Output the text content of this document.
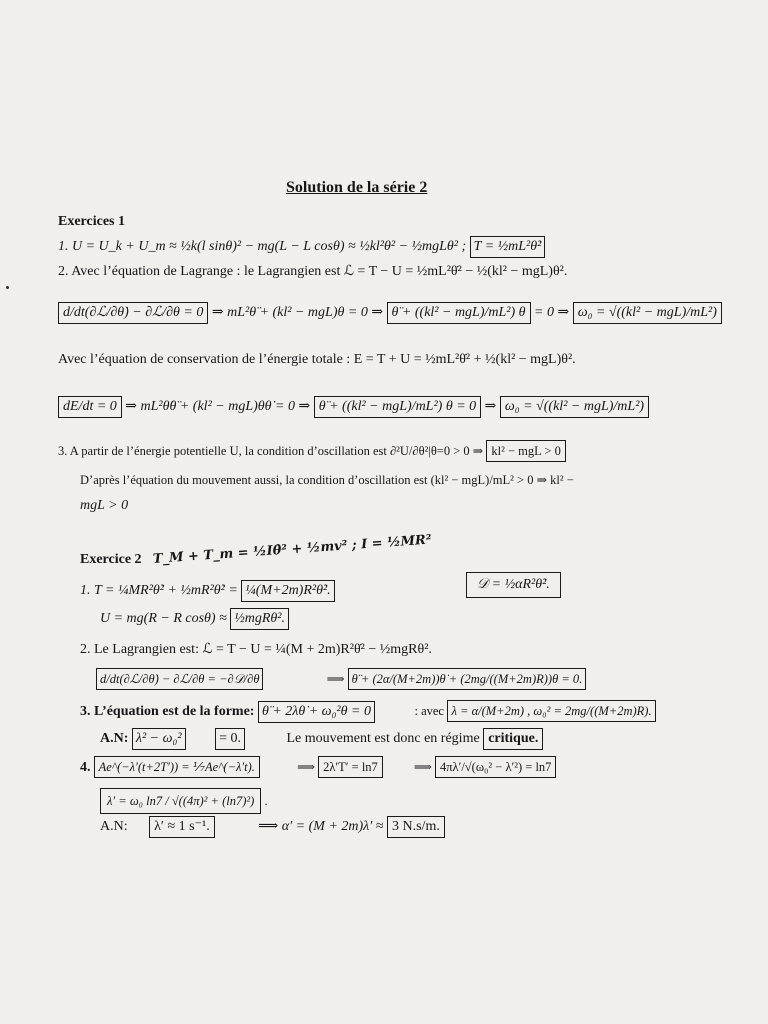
Solution de la série 2
Exercices 1
1. U = U_k + U_m ≈ ½k(l sinθ)² − mg(L − L cosθ) ≈ ½kl²θ² − ½mgLθ² ; T = ½mL²θ̇²
2. Avec l’équation de Lagrange : le Lagrangien est ℒ = T − U = ½mL²θ̇² − ½(kl² − mgL)θ².
d/dt(∂ℒ/∂θ̇) − ∂ℒ/∂θ = 0 ⇒ mL²θ̈ + (kl² − mgL)θ = 0 ⇒ θ̈ + ((kl² − mgL)/mL²) θ = 0 ⇒ ω₀ = √((kl² − mgL)/mL²)
Avec l’équation de conservation de l’énergie totale : E = T + U = ½mL²θ̇² + ½(kl² − mgL)θ².
dE/dt = 0 ⇒ mL²θ̇θ̈ + (kl² − mgL)θθ̇ = 0 ⇒ θ̈ + ((kl² − mgL)/mL²) θ = 0 ⇒ ω₀ = √((kl² − mgL)/mL²)
3. A partir de l’énergie potentielle U, la condition d’oscillation est ∂²U/∂θ²|θ=0 > 0 ⇒ kl² − mgL > 0
D’après l’équation du mouvement aussi, la condition d’oscillation est (kl² − mgL)/mL² > 0 ⇒ kl² −
mgL > 0
Exercice 2 T_M + T_m = ½Iθ̇² + ½mv² ; I = ½MR²
1. T = ¼MR²θ̇² + ½mR²θ̇² = ¼(M+2m)R²θ̇².	𝒟 = ½αR²θ̇².
U = mg(R − R cosθ) ≈ ½mgRθ².
2. Le Lagrangien est: ℒ = T − U = ¼(M + 2m)R²θ̇² − ½mgRθ².
d/dt(∂ℒ/∂θ̇) − ∂ℒ/∂θ = −∂𝒟/∂θ̇	⟹ θ̈ + (2α/(M+2m))θ̇ + (2mg/((M+2m)R))θ = 0.
3. L’équation est de la forme: θ̈ + 2λθ̇ + ω₀²θ = 0	: avec λ = α/(M+2m) , ω₀² = 2mg/((M+2m)R).
A.N: λ² − ω₀²	= 0.	Le mouvement est donc en régime critique.
4. Ae^(−λ′(t+2T′)) = ⅐Ae^(−λ′t).	⟹ 2λ′T′ = ln7	⟹ 4πλ′/√(ω₀² − λ′²) = ln7
λ′ = ω₀ ln7 / √((4π)² + (ln7)²) .
A.N: λ′ ≈ 1 s⁻¹.	⟹ α′ = (M + 2m)λ′ ≈ 3 N.s/m.
